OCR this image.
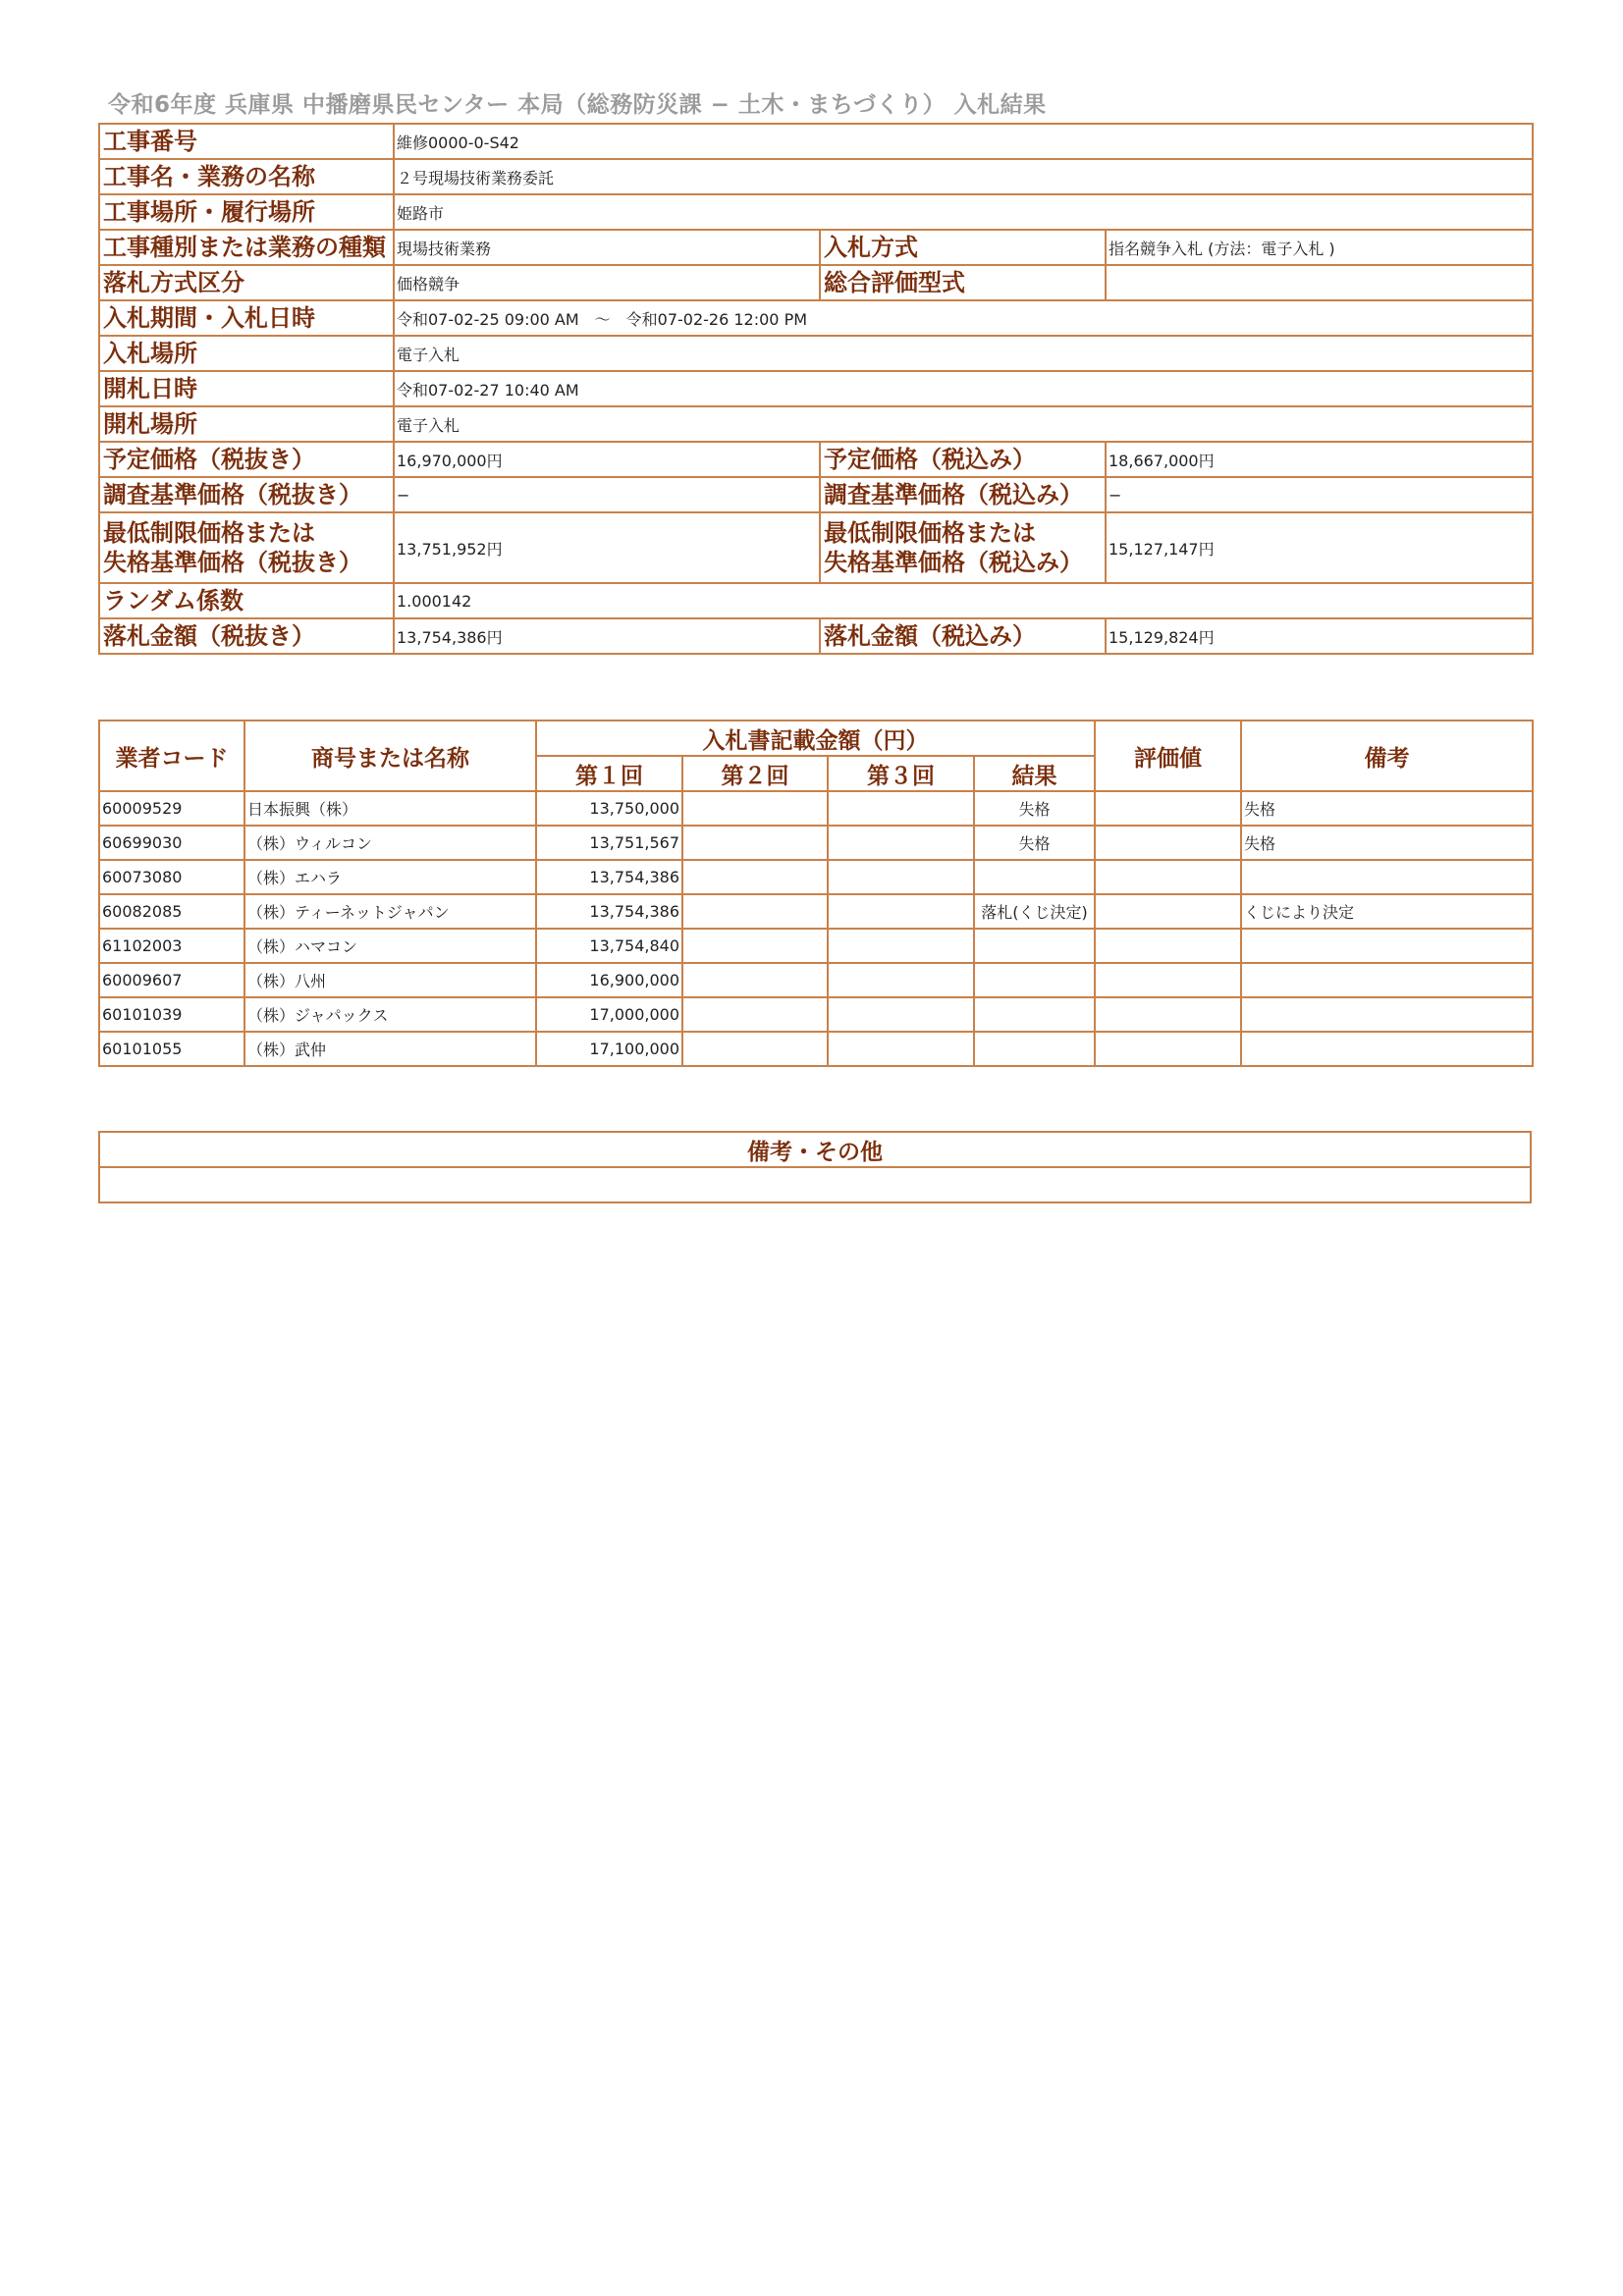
令和6年度 兵庫県 中播磨県民センター 本局（総務防災課 − 土木・まちづくり） 入札結果
工事番号	維修0000-0-S42		
工事名・業務の名称	２号現場技術業務委託		
工事場所・履行場所	姫路市		
工事種別または業務の種類	現場技術業務	入札方式	指名競争入札 (方法：電子入札 )
落札方式区分	価格競争	総合評価型式	
入札期間・入札日時	令和07-02-25 09:00 AM　～　令和07-02-26 12:00 PM		
入札場所	電子入札		
開札日時	令和07-02-27 10:40 AM		
開札場所	電子入札		
予定価格（税抜き）	16,970,000円	予定価格（税込み）	18,667,000円
調査基準価格（税抜き）	−	調査基準価格（税込み）	−

最低制限価格または
失格基準価格（税抜き）	13,751,952円	最低制限価格または
失格基準価格（税込み）	15,127,147円
ランダム係数	1.000142		
落札金額（税抜き）	13,754,386円	落札金額（税込み）	15,129,824円
業者コード	商号または名称	入札書記載金額（円）				評価値	備考
		第１回	第２回	第３回	結果		
60009529	日本振興（株）	13,750,000			失格		失格
60699030	（株）ウィルコン	13,751,567			失格		失格
60073080	（株）エハラ	13,754,386					
60082085	（株）ティーネットジャパン	13,754,386			落札(くじ決定)		くじにより決定
61102003	（株）ハマコン	13,754,840					
60009607	（株）八州	16,900,000					
60101039	（株）ジャパックス	17,000,000					
60101055	（株）武仲	17,100,000					
備考・その他
